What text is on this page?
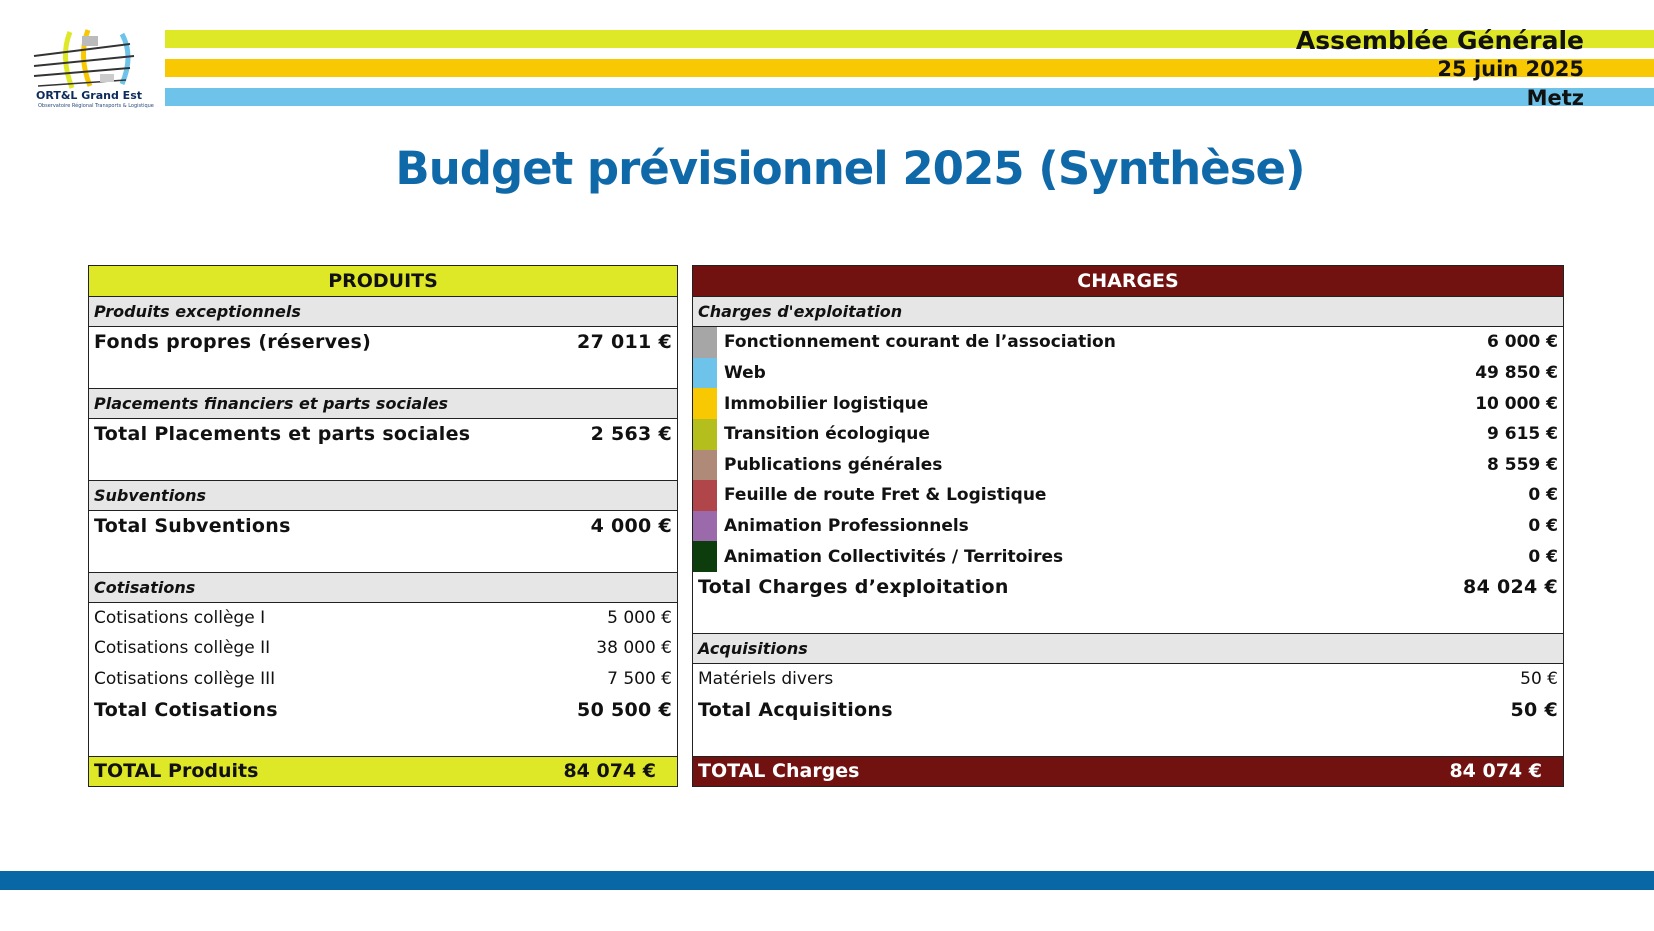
Assemblée Générale
25 juin 2025
Metz
ORT&L Grand Est
Observatoire Régional Transports & Logistique
Budget prévisionnel 2025 (Synthèse)
PRODUITS
Produits exceptionnels
Fonds propres (réserves)	27 011 €
Placements financiers et parts sociales
Total Placements et parts sociales	2 563 €
Subventions
Total Subventions	4 000 €
Cotisations
Cotisations collège I	5 000 €
Cotisations collège II	38 000 €
Cotisations collège III	7 500 €
Total Cotisations	50 500 €
TOTAL Produits	84 074 €
CHARGES
Charges d'exploitation
Fonctionnement courant de l’association	6 000 €
Web	49 850 €
Immobilier logistique	10 000 €
Transition écologique	9 615 €
Publications générales	8 559 €
Feuille de route Fret & Logistique	0 €
Animation Professionnels	0 €
Animation Collectivités / Territoires	0 €
Total Charges d’exploitation	84 024 €
Acquisitions
Matériels divers	50 €
Total Acquisitions	50 €
TOTAL Charges	84 074 €
